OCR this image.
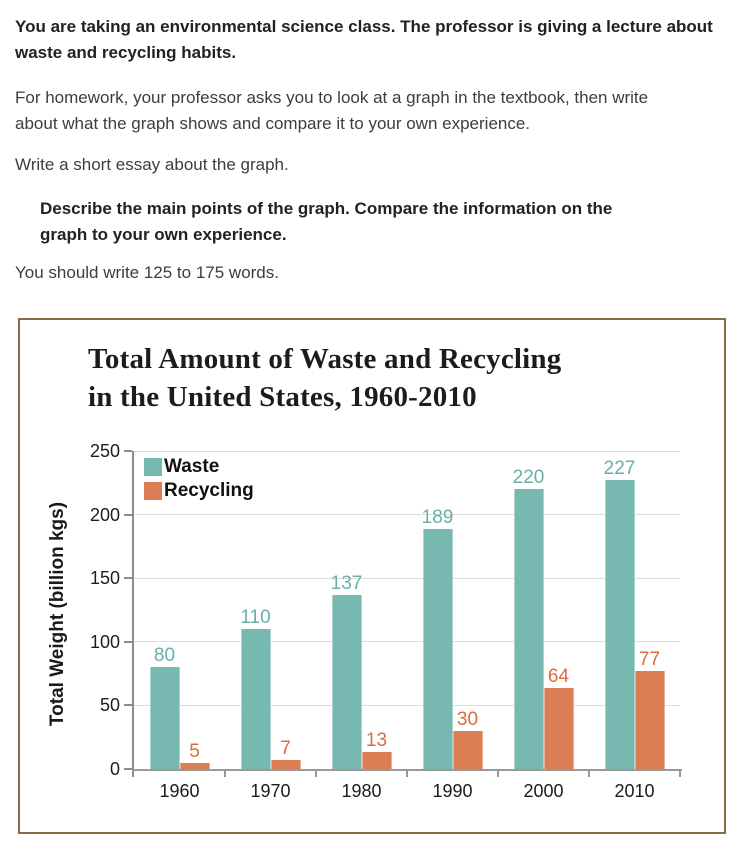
You are taking an environmental science class. The professor is giving a lecture about waste and recycling habits.

For homework, your professor asks you to look at a graph in the textbook, then write about what the graph shows and compare it to your own experience.

Write a short essay about the graph.

Describe the main points of the graph. Compare the information on the graph to your own experience.

You should write 125 to 175 words.

Total Amount of Waste and Recycling
in the United States, 1960-2010
Total Weight (billion kgs)
Waste
Recycling
0
50
100
150
200
250
1960
80
5
1970
110
7
1980
137
13
1990
189
30
2000
220
64
2010
227
77
